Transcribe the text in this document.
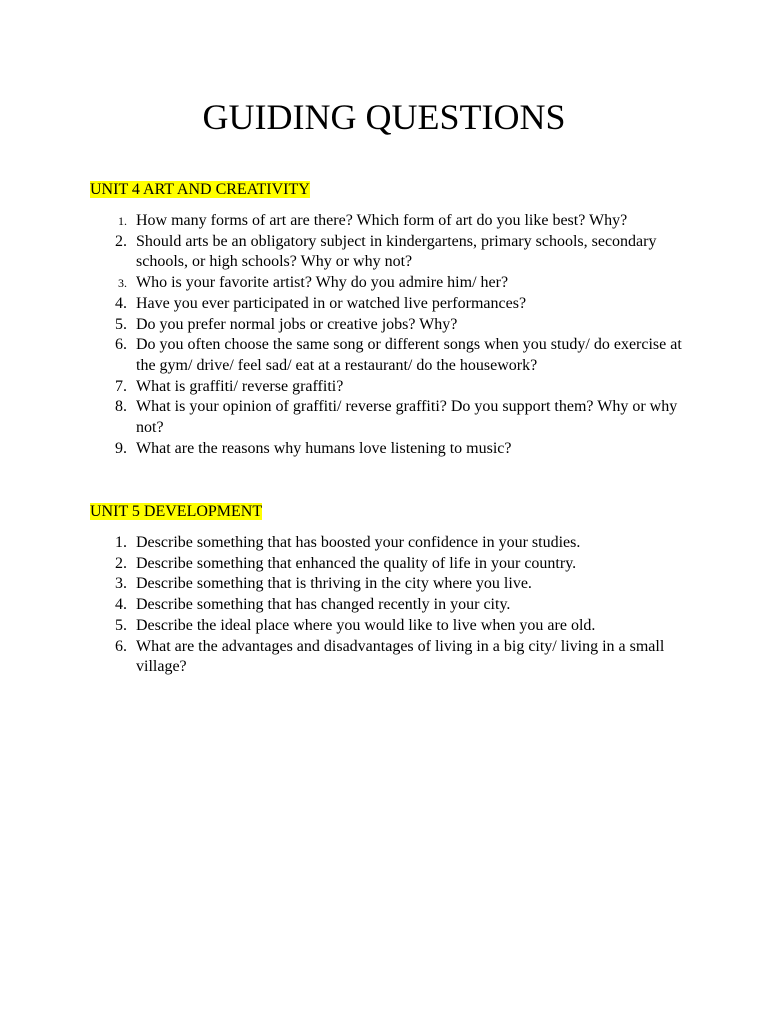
GUIDING QUESTIONS
UNIT 4 ART AND CREATIVITY
1. How many forms of art are there? Which form of art do you like best? Why?
2. Should arts be an obligatory subject in kindergartens, primary schools, secondary schools, or high schools? Why or why not?
3. Who is your favorite artist? Why do you admire him/ her?
4. Have you ever participated in or watched live performances?
5. Do you prefer normal jobs or creative jobs? Why?
6. Do you often choose the same song or different songs when you study/ do exercise at the gym/ drive/ feel sad/ eat at a restaurant/ do the housework?
7. What is graffiti/ reverse graffiti?
8. What is your opinion of graffiti/ reverse graffiti? Do you support them? Why or why not?
9. What are the reasons why humans love listening to music?
UNIT 5 DEVELOPMENT
1. Describe something that has boosted your confidence in your studies.
2. Describe something that enhanced the quality of life in your country.
3. Describe something that is thriving in the city where you live.
4. Describe something that has changed recently in your city.
5. Describe the ideal place where you would like to live when you are old.
6. What are the advantages and disadvantages of living in a big city/ living in a small village?
